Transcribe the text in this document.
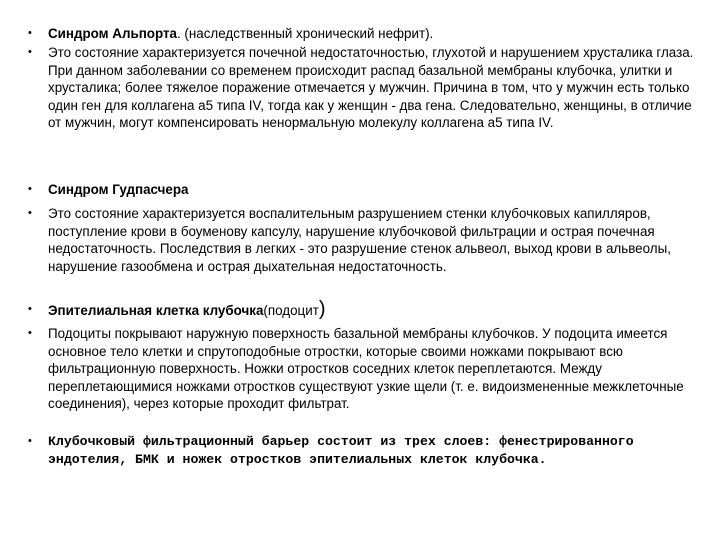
• Синдром Альпорта. (наследственный хронический нефрит).
• Это состояние характеризуется почечной недостаточностью, глухотой и нарушением хрусталика глаза. При данном заболевании со временем происходит распад базальной мембраны клубочка, улитки и хрусталика; более тяжелое поражение отмечается у мужчин. Причина в том, что у мужчин есть только один ген для коллагена а5 типа IV, тогда как у женщин - два гена. Следовательно, женщины, в отличие от мужчин, могут компенсировать ненормальную молекулу коллагена а5 типа IV.

• Синдром Гудпасчера
• Это состояние характеризуется воспалительным разрушением стенки клубочковых капилляров, поступление крови в боуменову капсулу, нарушение клубочковой фильтрации и острая почечная недостаточность. Последствия в легких - это разрушение стенок альвеол, выход крови в альвеолы, нарушение газообмена и острая дыхательная недостаточность.

• Эпителиальная клетка клубочка(подоцит)
• Подоциты покрывают наружную поверхность базальной мембраны клубочков. У подоцита имеется основное тело клетки и спрутоподобные отростки, которые своими ножками покрывают всю фильтрационную поверхность. Ножки отростков соседних клеток переплетаются. Между переплетающимися ножками отростков существуют узкие щели (т. е. видоизмененные межклеточные соединения), через которые проходит фильтрат.

• Клубочковый фильтрационный барьер состоит из трех слоев: фенестрированного эндотелия, БМК и ножек отростков эпителиальных клеток клубочка.
